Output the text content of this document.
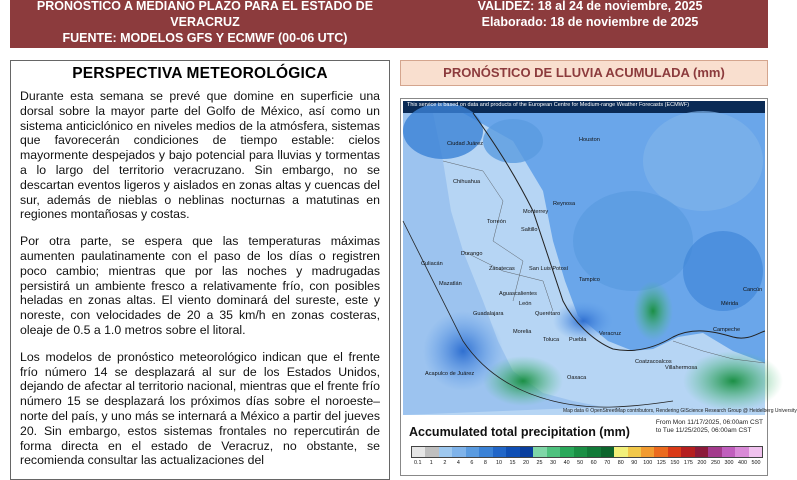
PRONÓSTICO A MEDIANO PLAZO PARA EL ESTADO DE
VERACRUZ
FUENTE: MODELOS GFS Y ECMWF (00-06 UTC)
VALIDEZ: 18 al 24 de noviembre, 2025
Elaborado: 18 de noviembre de 2025
PERSPECTIVA METEOROLÓGICA

Durante esta semana se prevé que domine en superficie una dorsal sobre la mayor parte del Golfo de México, así como un sistema anticiclónico en niveles medios de la atmósfera, sistemas que favorecerán condiciones de tiempo estable: cielos mayormente despejados y bajo potencial para lluvias y tormentas a lo largo del territorio veracruzano. Sin embargo, no se descartan eventos ligeros y aislados en zonas altas y cuencas del sur, además de nieblas o neblinas nocturnas a matutinas en regiones montañosas y costas.

Por otra parte, se espera que las temperaturas máximas aumenten paulatinamente con el paso de los días o registren poco cambio; mientras que por las noches y madrugadas persistirá un ambiente fresco a relativamente frío, con posibles heladas en zonas altas. El viento dominará del sureste, este y noreste, con velocidades de 20 a 35 km/h en zonas costeras, oleaje de 0.5 a 1.0 metros sobre el litoral.

Los modelos de pronóstico meteorológico indican que el frente frío número 14 se desplazará al sur de los Estados Unidos, dejando de afectar al territorio nacional, mientras que el frente frío número 15 se desplazará los próximos días sobre el noroeste–norte del país, y uno más se internará a México a partir del jueves 20. Sin embargo, estos sistemas frontales no repercutirán de forma directa en el estado de Veracruz, no obstante, se recomienda consultar las actualizaciones del

PRONÓSTICO DE LLUVIA ACUMULADA (mm)
This service is based on data and products of the European Centre for Medium-range Weather Forecasts (ECMWF)
Ciudad Juárez
Chihuahua
Torreón
Monterrey
Saltillo
Culiacán
Durango
Mazatlán
Zacatecas	San Luis Potosí
Aguascalientes
León
Guadalajara	Querétaro
Morelia
Toluca Puebla
Veracruz
Acapulco de Juárez
Oaxaca
Coatzacoalcos
Villahermosa
Mérida
Campeche
Cancún
Tampico
Houston
Reynosa
Map data © OpenStreetMap contributors, Rendering GIScience Research Group @ Heidelberg University
Accumulated total precipitation (mm)
From Mon 11/17/2025, 06:00am CST
to Tue 11/25/2025, 06:00am CST
0.1	1	2	4	6	8	10	15	20	25	30	40	50	60	70	80	90	100 125 150 175 200 250 300 400 500
